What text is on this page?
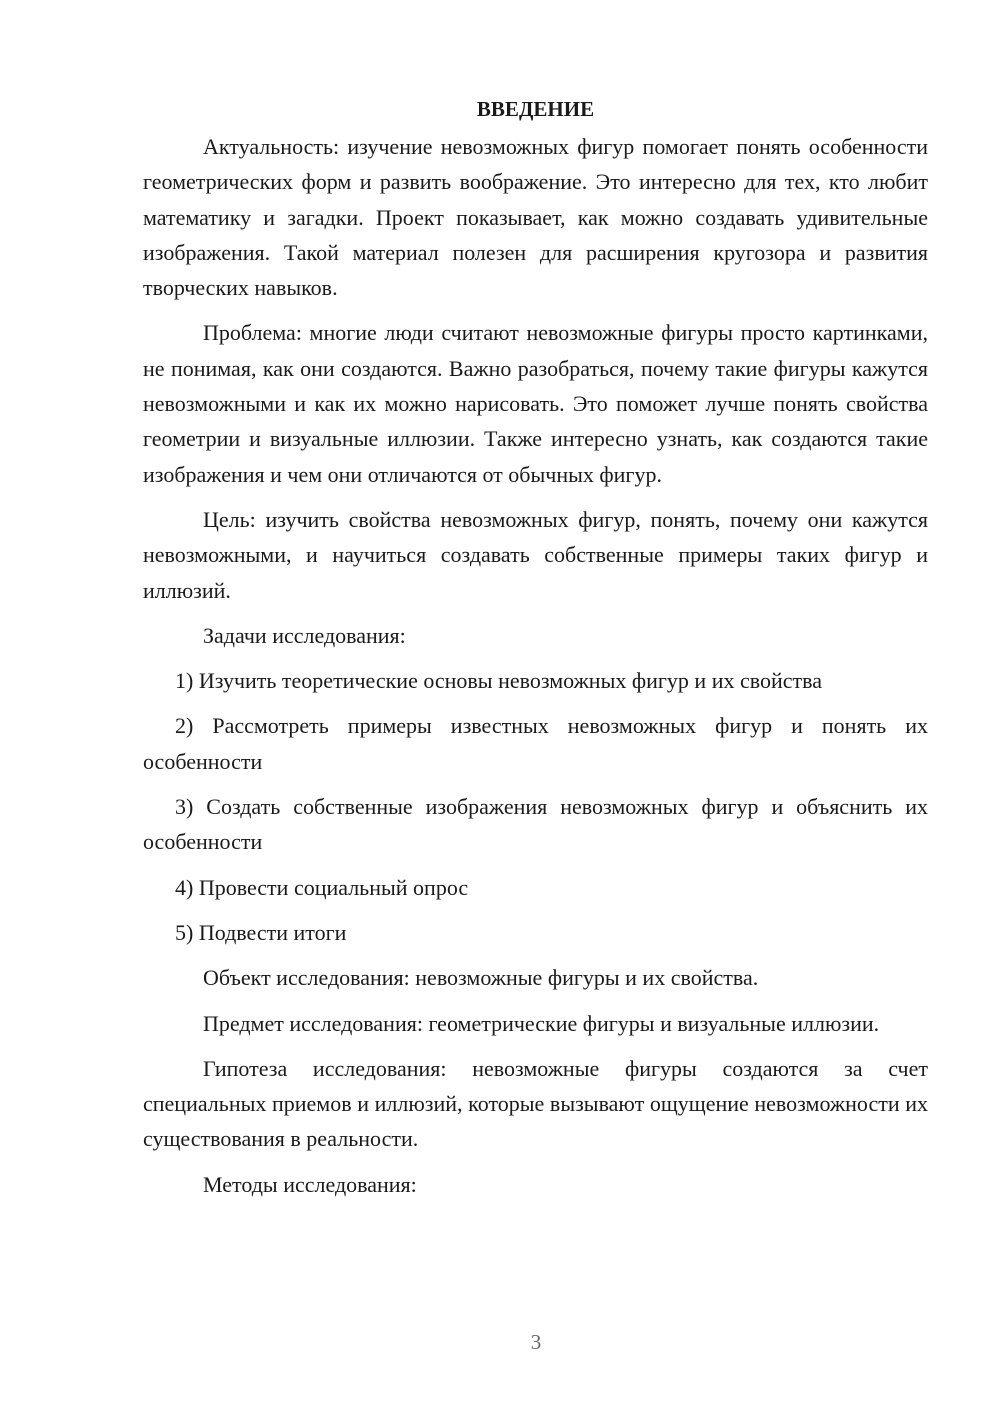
ВВЕДЕНИЕ

Актуальность: изучение невозможных фигур помогает понять особенности геометрических форм и развить воображение. Это интересно для тех, кто любит математику и загадки. Проект показывает, как можно создавать удивительные изображения. Такой материал полезен для расширения кругозора и развития творческих навыков.

Проблема: многие люди считают невозможные фигуры просто картинками, не понимая, как они создаются. Важно разобраться, почему такие фигуры кажутся невозможными и как их можно нарисовать. Это поможет лучше понять свойства геометрии и визуальные иллюзии. Также интересно узнать, как создаются такие изображения и чем они отличаются от обычных фигур.

Цель: изучить свойства невозможных фигур, понять, почему они кажутся невозможными, и научиться создавать собственные примеры таких фигур и иллюзий.

Задачи исследования:

1) Изучить теоретические основы невозможных фигур и их свойства

2) Рассмотреть примеры известных невозможных фигур и понять их особенности

3) Создать собственные изображения невозможных фигур и объяснить их особенности

4) Провести социальный опрос

5) Подвести итоги

Объект исследования: невозможные фигуры и их свойства.

Предмет исследования: геометрические фигуры и визуальные иллюзии.

Гипотеза исследования: невозможные фигуры создаются за счет специальных приемов и иллюзий, которые вызывают ощущение невозможности их существования в реальности.

Методы исследования:

3
